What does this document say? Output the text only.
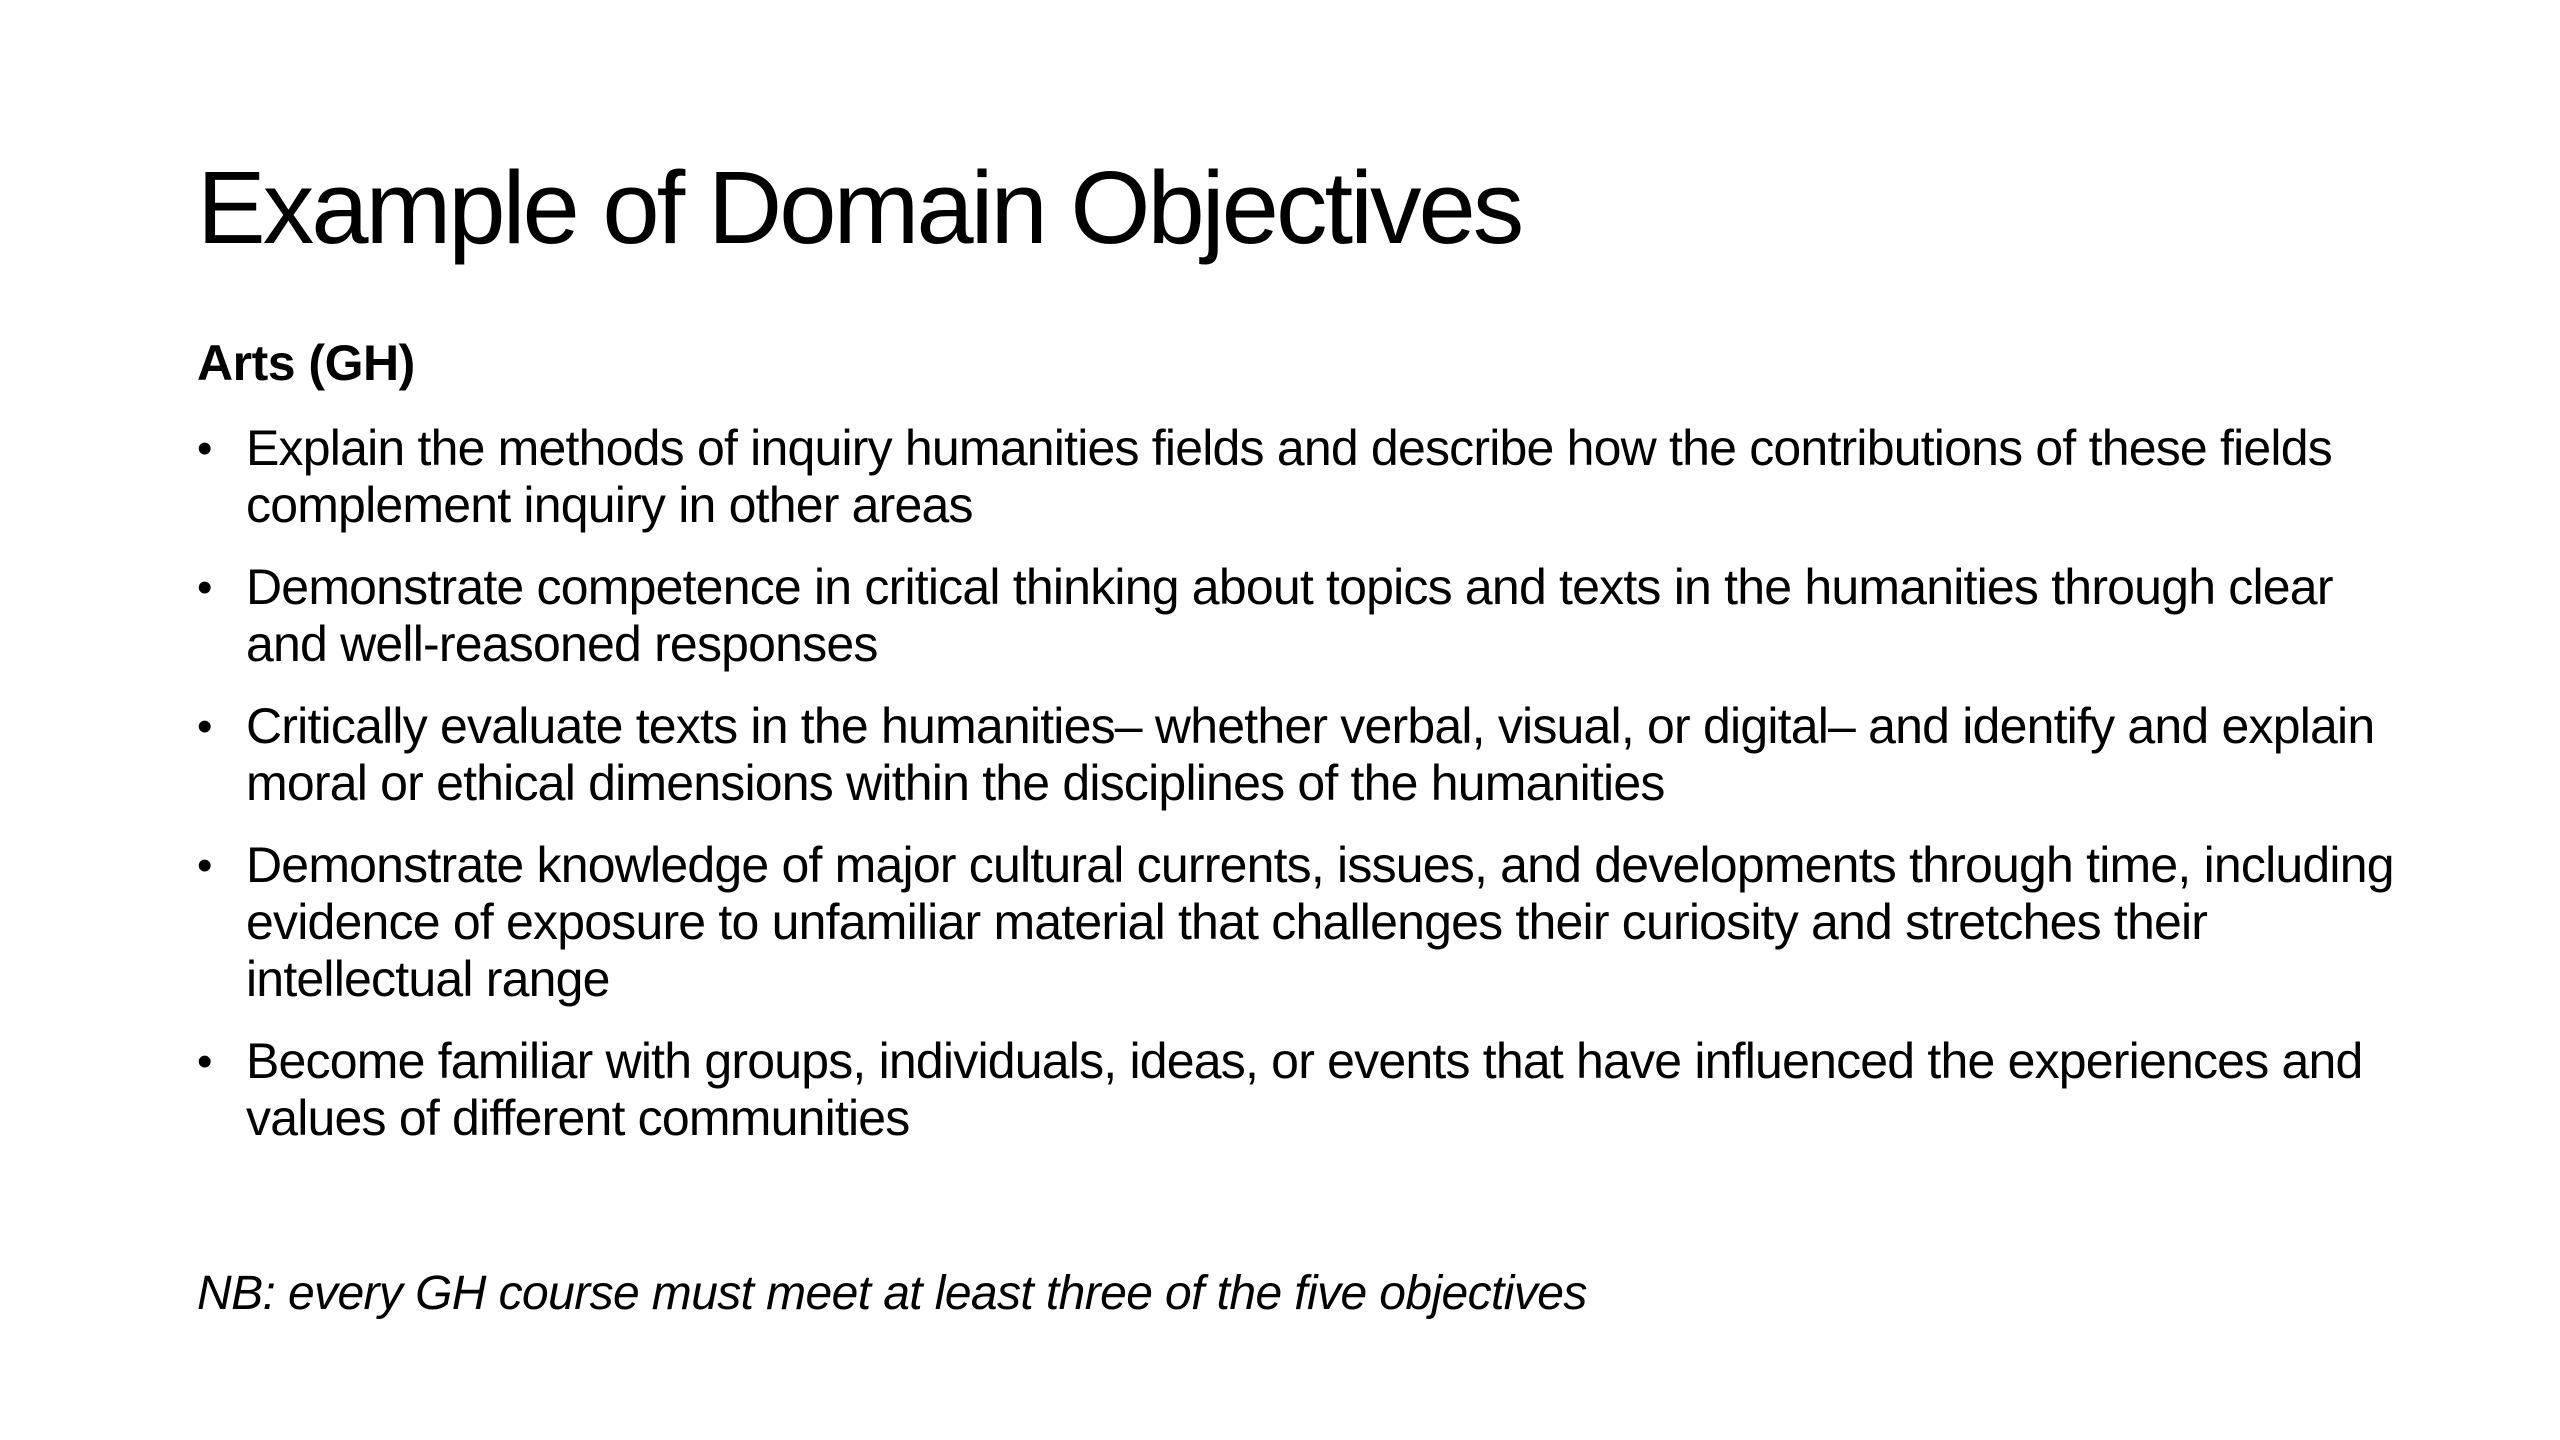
Example of Domain Objectives

Arts (GH)

• Explain the methods of inquiry humanities fields and describe how the contributions of these fields complement inquiry in other areas
• Demonstrate competence in critical thinking about topics and texts in the humanities through clear and well-reasoned responses
• Critically evaluate texts in the humanities– whether verbal, visual, or digital– and identify and explain moral or ethical dimensions within the disciplines of the humanities
• Demonstrate knowledge of major cultural currents, issues, and developments through time, including evidence of exposure to unfamiliar material that challenges their curiosity and stretches their intellectual range
• Become familiar with groups, individuals, ideas, or events that have influenced the experiences and values of different communities

NB: every GH course must meet at least three of the five objectives
